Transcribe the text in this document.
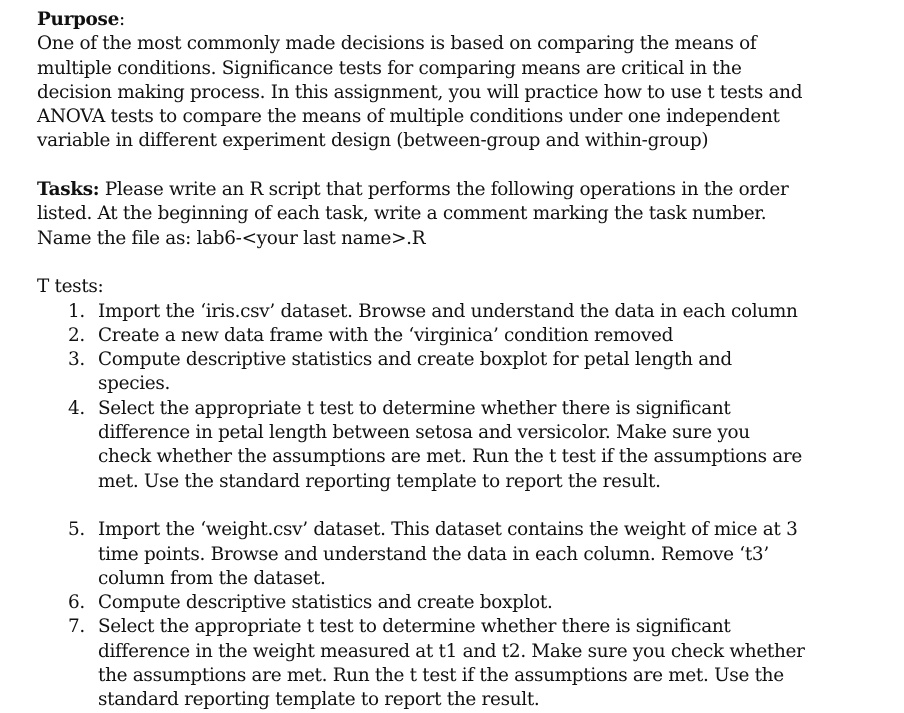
Purpose:
One of the most commonly made decisions is based on comparing the means of
multiple conditions. Significance tests for comparing means are critical in the
decision making process. In this assignment, you will practice how to use t tests and
ANOVA tests to compare the means of multiple conditions under one independent
variable in different experiment design (between-group and within-group)
Tasks: Please write an R script that performs the following operations in the order
listed. At the beginning of each task, write a comment marking the task number.
Name the file as: lab6-<your last name>.R
T tests:
1. Import the ‘iris.csv’ dataset. Browse and understand the data in each column
2. Create a new data frame with the ‘virginica’ condition removed
3. Compute descriptive statistics and create boxplot for petal length and
species.
4. Select the appropriate t test to determine whether there is significant
difference in petal length between setosa and versicolor. Make sure you
check whether the assumptions are met. Run the t test if the assumptions are
met. Use the standard reporting template to report the result.
5. Import the ‘weight.csv’ dataset. This dataset contains the weight of mice at 3
time points. Browse and understand the data in each column. Remove ‘t3’
column from the dataset.
6. Compute descriptive statistics and create boxplot.
7. Select the appropriate t test to determine whether there is significant
difference in the weight measured at t1 and t2. Make sure you check whether
the assumptions are met. Run the t test if the assumptions are met. Use the
standard reporting template to report the result.
